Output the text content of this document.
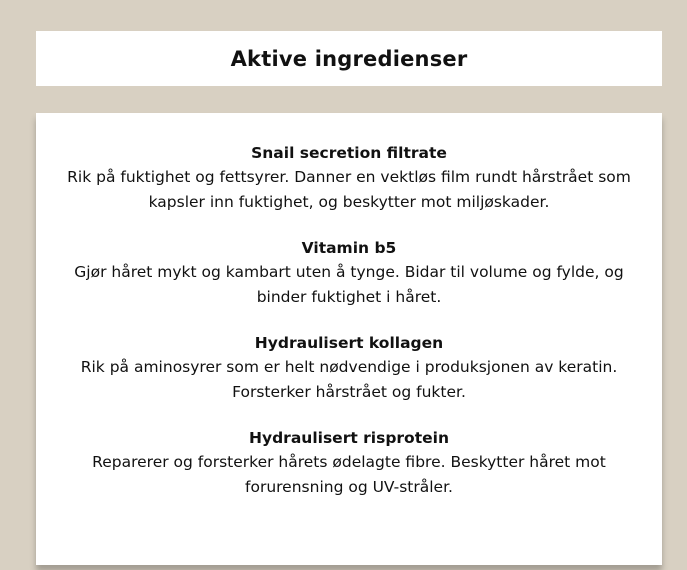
Aktive ingredienser
Snail secretion filtrate
Rik på fuktighet og fettsyrer. Danner en vektløs film rundt hårstrået som
kapsler inn fuktighet, og beskytter mot miljøskader.
Vitamin b5
Gjør håret mykt og kambart uten å tynge. Bidar til volume og fylde, og
binder fuktighet i håret.
Hydraulisert kollagen
Rik på aminosyrer som er helt nødvendige i produksjonen av keratin.
Forsterker hårstrået og fukter.
Hydraulisert risprotein
Reparerer og forsterker hårets ødelagte fibre. Beskytter håret mot
forurensning og UV-stråler.
